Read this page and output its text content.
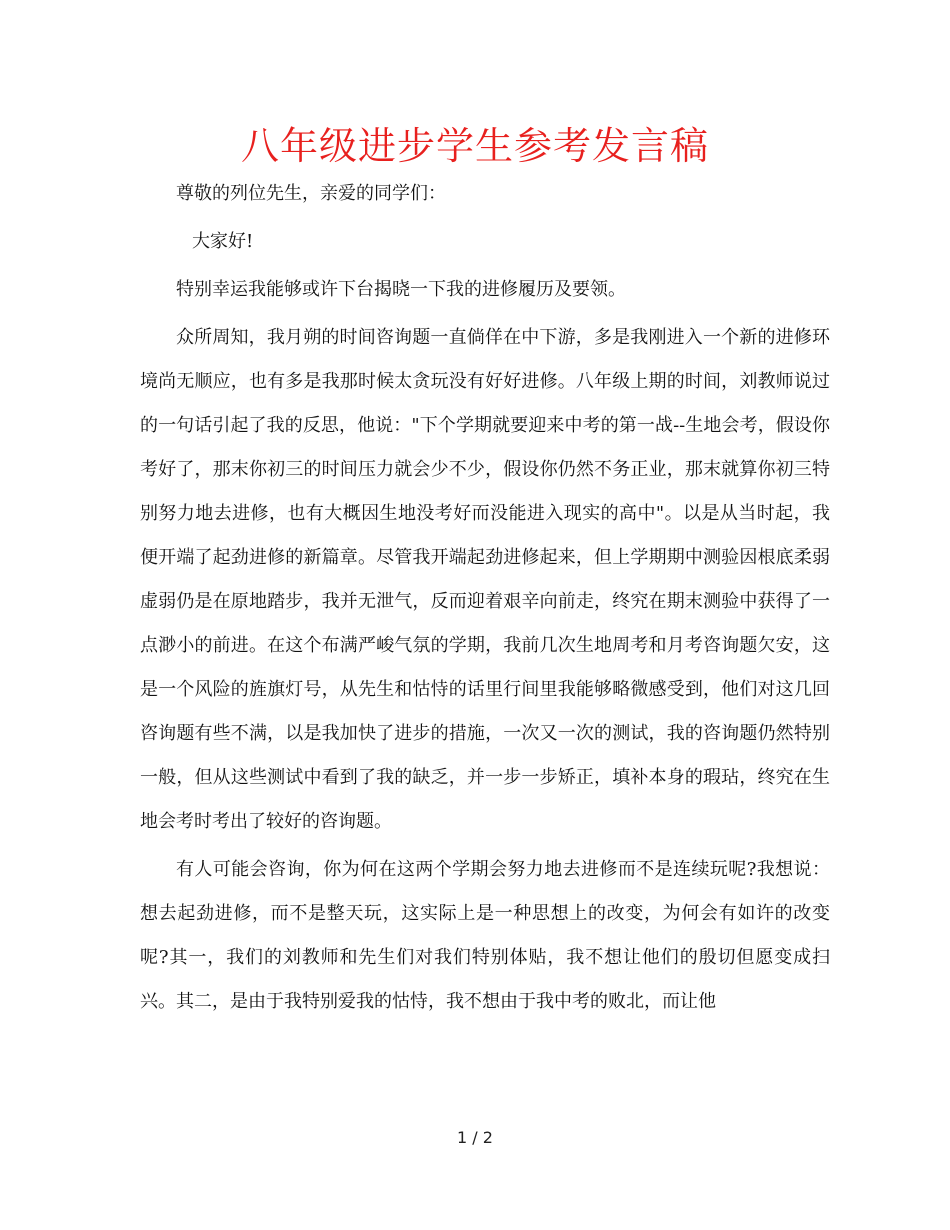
八年级进步学生参考发言稿

尊敬的列位先生，亲爱的同学们：

大家好!

特别幸运我能够或许下台揭晓一下我的进修履历及要领。

众所周知，我月朔的时间咨询题一直倘佯在中下游，多是我刚进入一个新的进修环境尚无顺应，也有多是我那时候太贪玩没有好好进修。八年级上期的时间，刘教师说过的一句话引起了我的反思，他说："下个学期就要迎来中考的第一战--生地会考，假设你考好了，那末你初三的时间压力就会少不少，假设你仍然不务正业，那末就算你初三特别努力地去进修，也有大概因生地没考好而没能进入现实的高中"。以是从当时起，我便开端了起劲进修的新篇章。尽管我开端起劲进修起来，但上学期期中测验因根底柔弱虚弱仍是在原地踏步，我并无泄气，反而迎着艰辛向前走，终究在期末测验中获得了一点渺小的前进。在这个布满严峻气氛的学期，我前几次生地周考和月考咨询题欠安，这是一个风险的旌旗灯号，从先生和怙恃的话里行间里我能够略微感受到，他们对这几回咨询题有些不满，以是我加快了进步的措施，一次又一次的测试，我的咨询题仍然特别一般，但从这些测试中看到了我的缺乏，并一步一步矫正，填补本身的瑕玷，终究在生地会考时考出了较好的咨询题。

有人可能会咨询，你为何在这两个学期会努力地去进修而不是连续玩呢?我想说：想去起劲进修，而不是整天玩，这实际上是一种思想上的改变，为何会有如许的改变呢?其一，我们的刘教师和先生们对我们特别体贴，我不想让他们的殷切但愿变成扫兴。其二，是由于我特别爱我的怙恃，我不想由于我中考的败北，而让他

1 / 2
